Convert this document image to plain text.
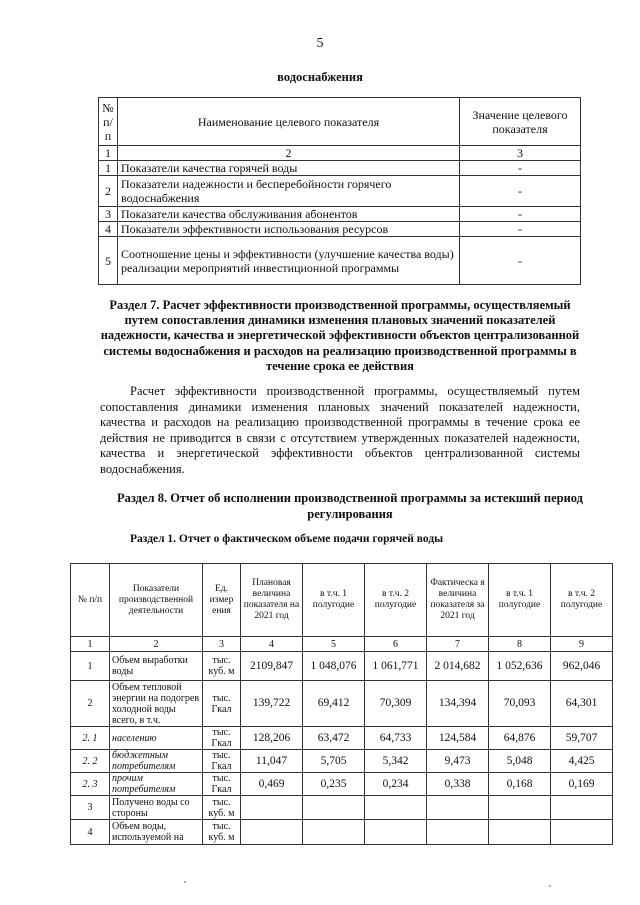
5
водоснабжения
№ п/ п	Наименование целевого показателя	Значение целевого показателя
1	2	3
1	Показатели качества горячей воды	-
2	Показатели надежности и бесперебойности горячего водоснабжения	-
3	Показатели качества обслуживания абонентов	-
4	Показатели эффективности использования ресурсов	-
5	Соотношение цены и эффективности (улучшение качества воды) реализации мероприятий инвестиционной программы	-
Раздел 7. Расчет эффективности производственной программы, осуществляемый путем сопоставления динамики изменения плановых значений показателей надежности, качества и энергетической эффективности объектов централизованной системы водоснабжения и расходов на реализацию производственной программы в течение срока ее действия
Расчет эффективности производственной программы, осуществляемый путем сопоставления динамики изменения плановых значений показателей надежности, качества и расходов на реализацию производственной программы в течение срока ее действия не приводится в связи с отсутствием утвержденных показателей надежности, качества и энергетической эффективности объектов централизованной системы водоснабжения.
Раздел 8. Отчет об исполнении производственной программы за истекший период регулирования
Раздел 1. Отчет о фактическом объеме подачи горячей воды
№ п/п	Показатели производственной деятельности	Ед. измер ения	Плановая величина показателя на 2021 год	в т.ч. 1 полугодие	в т.ч. 2 полугодие	Фактическа я величина показателя за 2021 год	в т.ч. 1 полугодие	в т.ч. 2 полугодие
1	2	3	4	5	6	7	8	9
1	Объем выработки воды	тыс. куб. м	2109,847	1 048,076	1 061,771	2 014,682	1 052,636	962,046
2	Объем тепловой энергии на подогрев холодной воды всего, в т.ч.	тыс. Гкал	139,722	69,412	70,309	134,394	70,093	64,301
2. 1	населению	тыс. Гкал	128,206	63,472	64,733	124,584	64,876	59,707
2. 2	бюджетным потребителям	тыс. Гкал	11,047	5,705	5,342	9,473	5,048	4,425
2. 3	прочим потребителям	тыс. Гкал	0,469	0,235	0,234	0,338	0,168	0,169
3	Получено воды со стороны	тыс. куб. м						
4	Объем воды, используемой на	тыс. куб. м						
